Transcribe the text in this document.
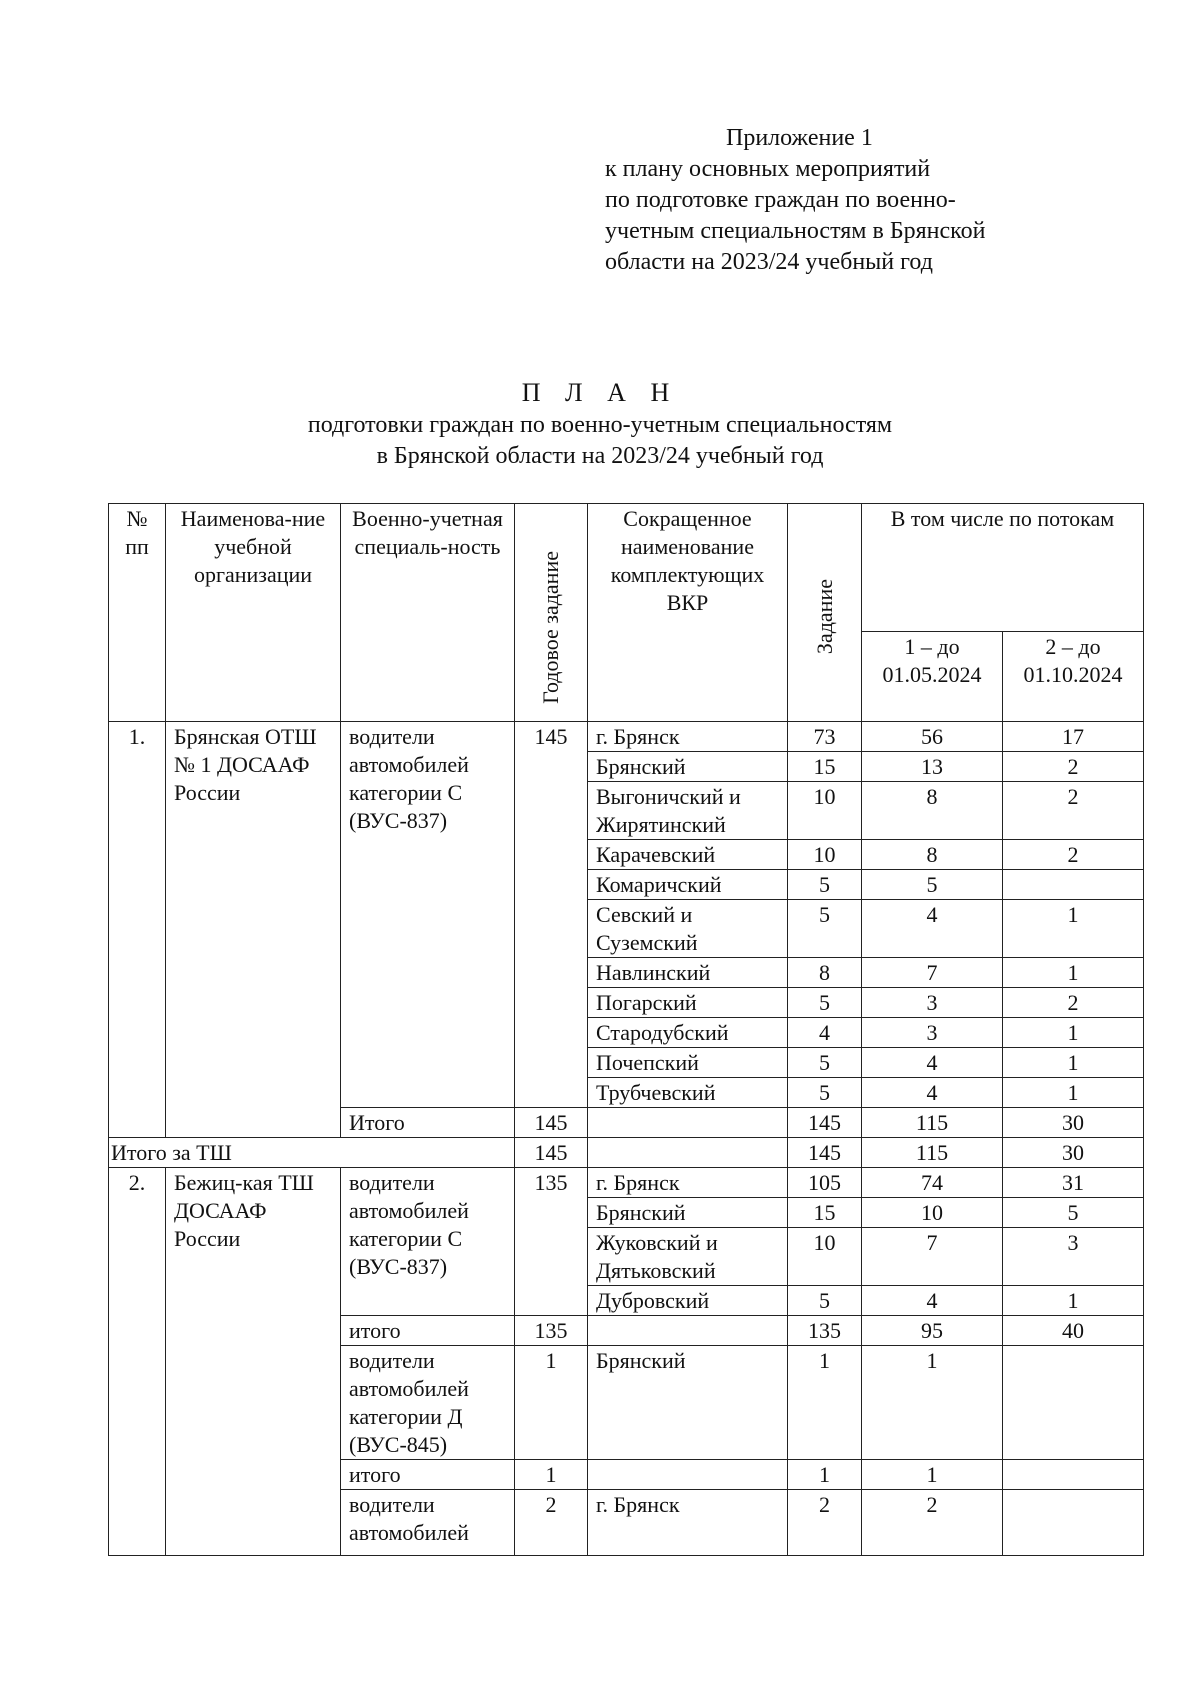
Приложение 1
к плану основных мероприятий
по подготовке граждан по военно-
учетным специальностям в Брянской
области на 2023/24 учебный год
П Л А Н
подготовки граждан по военно-учетным специальностям
в Брянской области на 2023/24 учебный год
№ пп	Наименова-ние учебной организации	Военно-учетная специаль-ность	Годовое задание	Сокращенное наименование комплектующих ВКР	Задание	В том числе по потокам	
						1 – до 01.05.2024	2 – до 01.10.2024
1.	Брянская ОТШ № 1 ДОСААФ России	водители автомобилей категории С (ВУС-837)	145	г. Брянск	73	56	17
				Брянский	15	13	2
				Выгоничский и Жирятинский	10	8	2
				Карачевский	10	8	2
				Комаричский	5	5	
				Севский и Суземский	5	4	1
				Навлинский	8	7	1
				Погарский	5	3	2
				Стародубский	4	3	1
				Почепский	5	4	1
				Трубчевский	5	4	1
		Итого	145		145	115	30
Итого за ТШ			145		145	115	30
2.	Бежиц-кая ТШ ДОСААФ России	водители автомобилей категории С (ВУС-837)	135	г. Брянск	105	74	31
				Брянский	15	10	5
				Жуковский и Дятьковский	10	7	3
				Дубровский	5	4	1
		итого	135		135	95	40
		водители автомобилей категории Д (ВУС-845)	1	Брянский	1	1	
		итого	1		1	1	
		водители автомобилей	2	г. Брянск	2	2	
